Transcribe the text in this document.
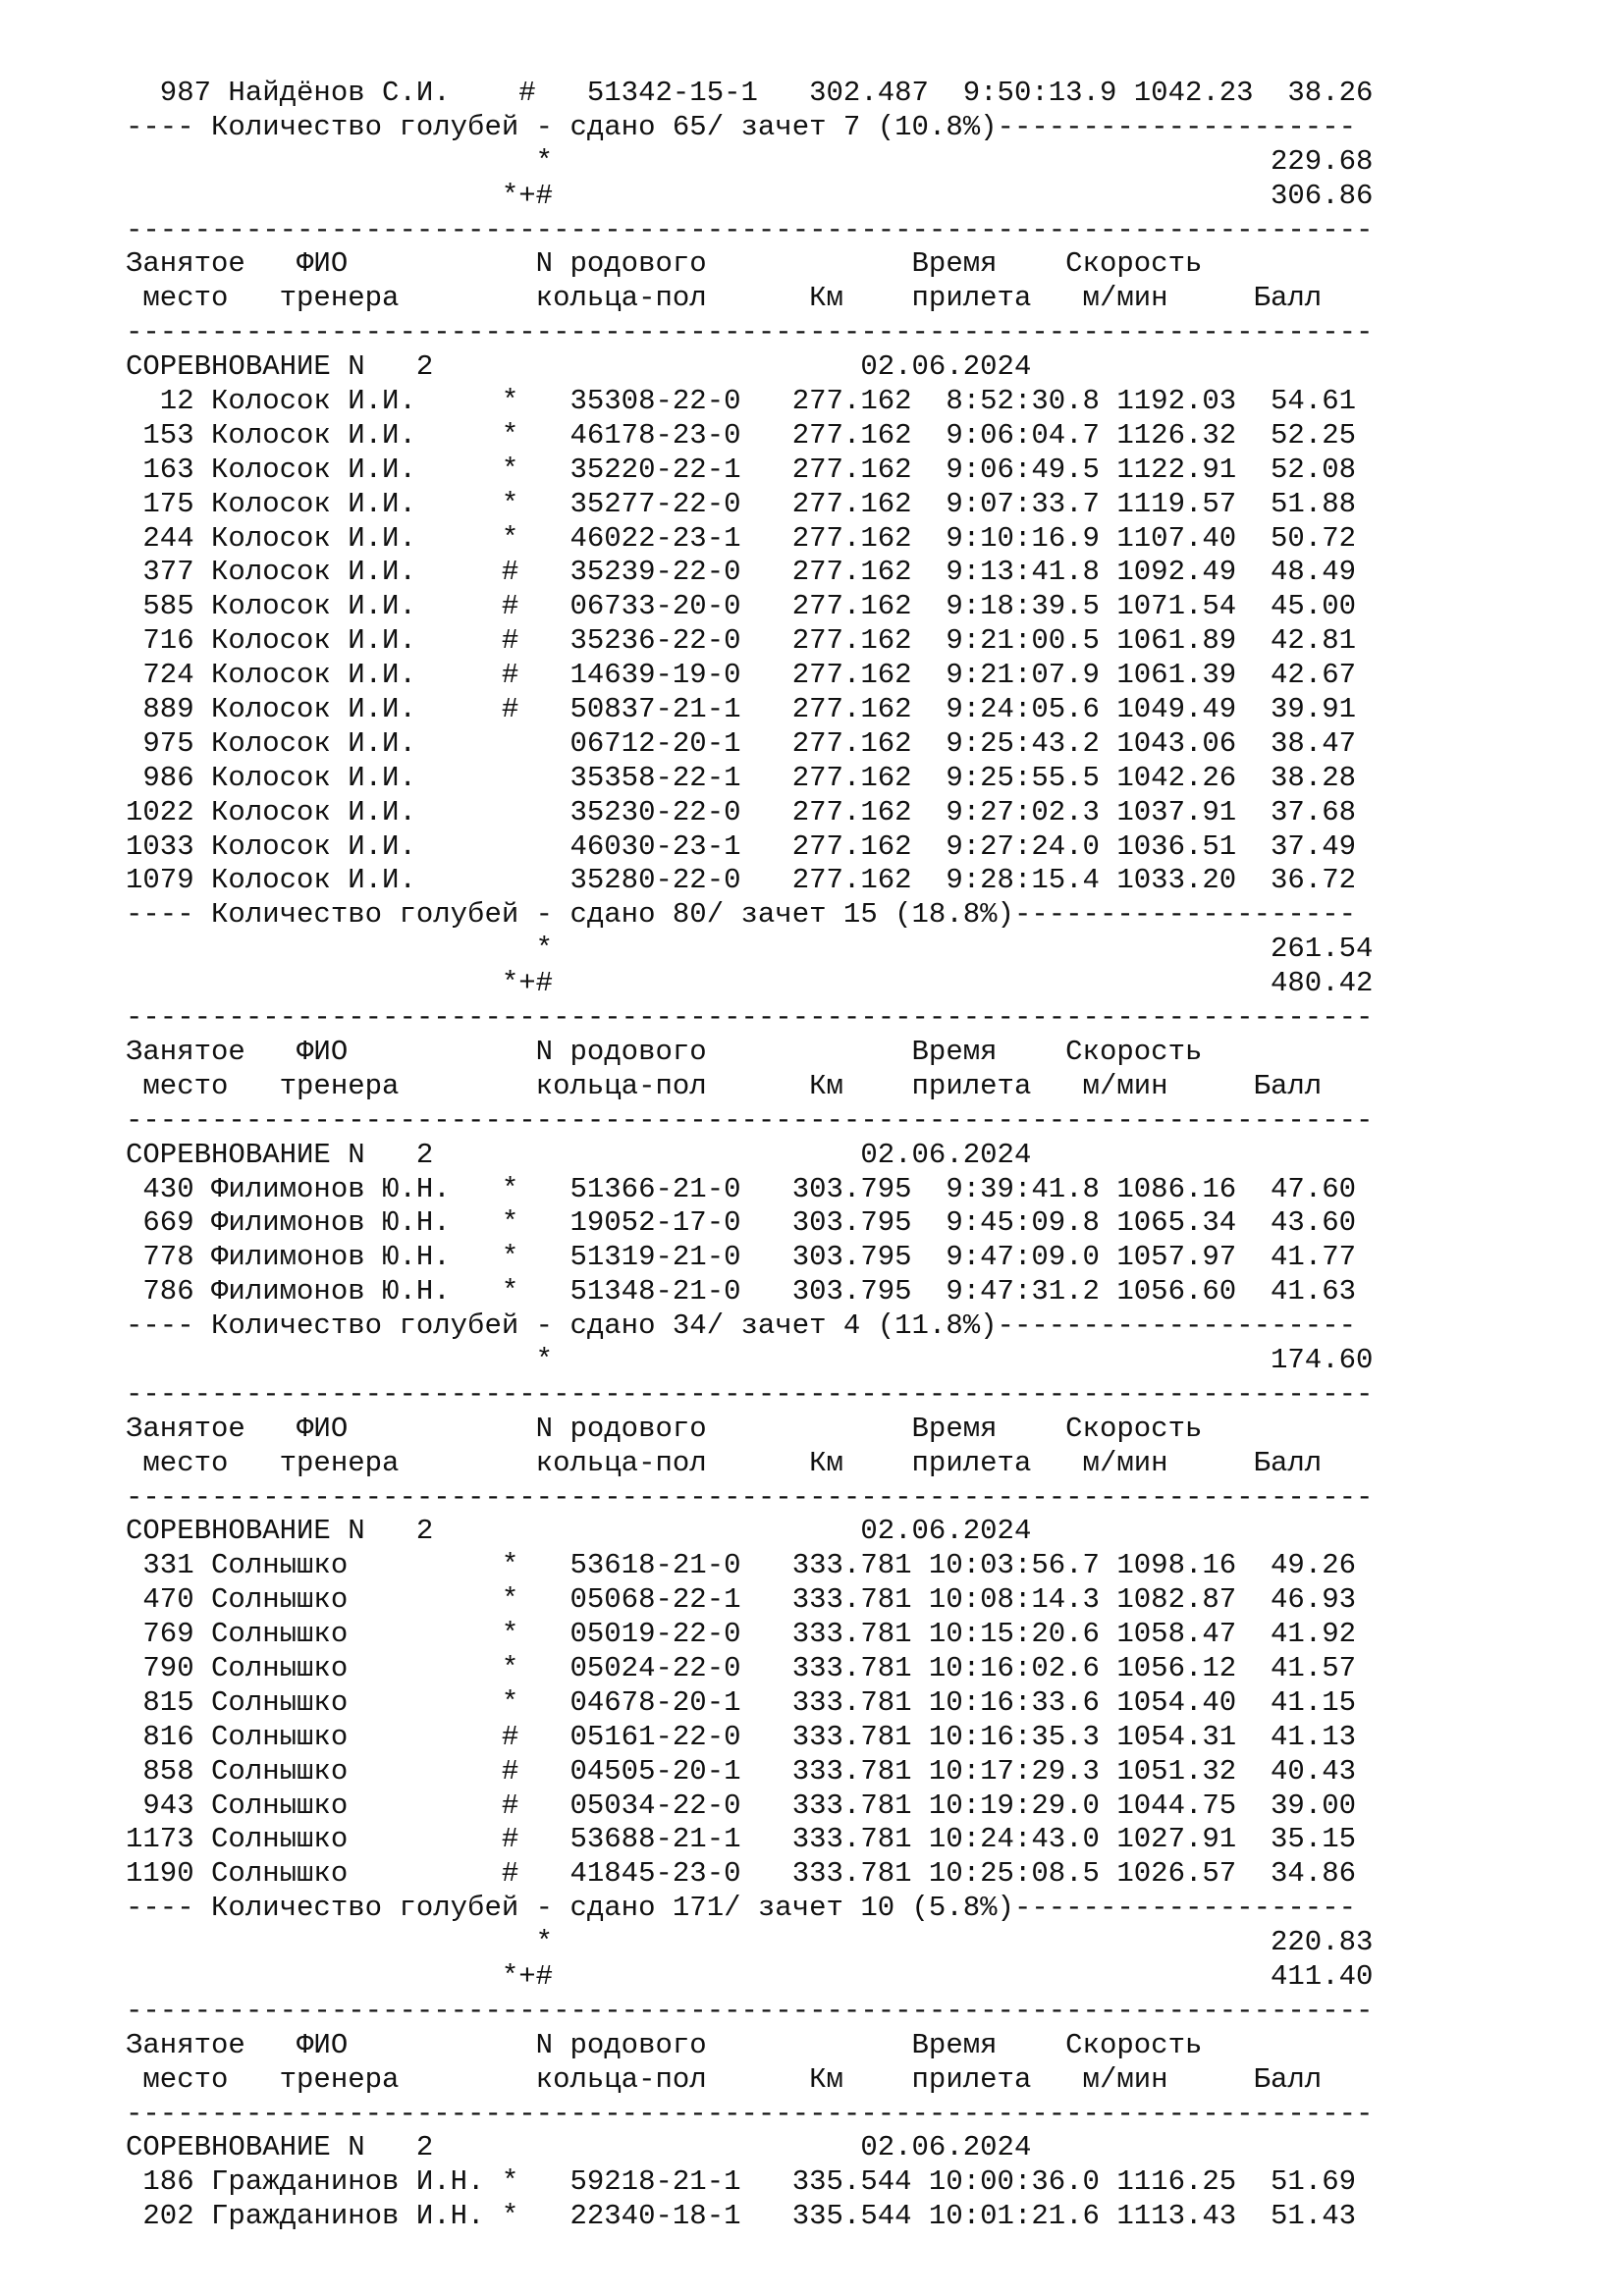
987 Найдёнов С.И.    #   51342-15-1   302.487  9:50:13.9 1042.23  38.26
---- Количество голубей - сдано 65/ зачет 7 (10.8%)---------------------
*                                          229.68
*+#                                          306.86
-------------------------------------------------------------------------
Занятое   ФИО           N родового            Время    Скорость
место   тренера        кольца-пол      Км    прилета   м/мин     Балл
-------------------------------------------------------------------------
СОРЕВНОВАНИЕ N   2                         02.06.2024
12 Колосок И.И.     *   35308-22-0   277.162  8:52:30.8 1192.03  54.61
153 Колосок И.И.     *   46178-23-0   277.162  9:06:04.7 1126.32  52.25
163 Колосок И.И.     *   35220-22-1   277.162  9:06:49.5 1122.91  52.08
175 Колосок И.И.     *   35277-22-0   277.162  9:07:33.7 1119.57  51.88
244 Колосок И.И.     *   46022-23-1   277.162  9:10:16.9 1107.40  50.72
377 Колосок И.И.     #   35239-22-0   277.162  9:13:41.8 1092.49  48.49
585 Колосок И.И.     #   06733-20-0   277.162  9:18:39.5 1071.54  45.00
716 Колосок И.И.     #   35236-22-0   277.162  9:21:00.5 1061.89  42.81
724 Колосок И.И.     #   14639-19-0   277.162  9:21:07.9 1061.39  42.67
889 Колосок И.И.     #   50837-21-1   277.162  9:24:05.6 1049.49  39.91
975 Колосок И.И.         06712-20-1   277.162  9:25:43.2 1043.06  38.47
986 Колосок И.И.         35358-22-1   277.162  9:25:55.5 1042.26  38.28
1022 Колосок И.И.         35230-22-0   277.162  9:27:02.3 1037.91  37.68
1033 Колосок И.И.         46030-23-1   277.162  9:27:24.0 1036.51  37.49
1079 Колосок И.И.         35280-22-0   277.162  9:28:15.4 1033.20  36.72
---- Количество голубей - сдано 80/ зачет 15 (18.8%)--------------------
*                                          261.54
*+#                                          480.42
-------------------------------------------------------------------------
Занятое   ФИО           N родового            Время    Скорость
место   тренера        кольца-пол      Км    прилета   м/мин     Балл
-------------------------------------------------------------------------
СОРЕВНОВАНИЕ N   2                         02.06.2024
430 Филимонов Ю.Н.   *   51366-21-0   303.795  9:39:41.8 1086.16  47.60
669 Филимонов Ю.Н.   *   19052-17-0   303.795  9:45:09.8 1065.34  43.60
778 Филимонов Ю.Н.   *   51319-21-0   303.795  9:47:09.0 1057.97  41.77
786 Филимонов Ю.Н.   *   51348-21-0   303.795  9:47:31.2 1056.60  41.63
---- Количество голубей - сдано 34/ зачет 4 (11.8%)---------------------
*                                          174.60
-------------------------------------------------------------------------
Занятое   ФИО           N родового            Время    Скорость
место   тренера        кольца-пол      Км    прилета   м/мин     Балл
-------------------------------------------------------------------------
СОРЕВНОВАНИЕ N   2                         02.06.2024
331 Солнышко         *   53618-21-0   333.781 10:03:56.7 1098.16  49.26
470 Солнышко         *   05068-22-1   333.781 10:08:14.3 1082.87  46.93
769 Солнышко         *   05019-22-0   333.781 10:15:20.6 1058.47  41.92
790 Солнышко         *   05024-22-0   333.781 10:16:02.6 1056.12  41.57
815 Солнышко         *   04678-20-1   333.781 10:16:33.6 1054.40  41.15
816 Солнышко         #   05161-22-0   333.781 10:16:35.3 1054.31  41.13
858 Солнышко         #   04505-20-1   333.781 10:17:29.3 1051.32  40.43
943 Солнышко         #   05034-22-0   333.781 10:19:29.0 1044.75  39.00
1173 Солнышко         #   53688-21-1   333.781 10:24:43.0 1027.91  35.15
1190 Солнышко         #   41845-23-0   333.781 10:25:08.5 1026.57  34.86
---- Количество голубей - сдано 171/ зачет 10 (5.8%)--------------------
*                                          220.83
*+#                                          411.40
-------------------------------------------------------------------------
Занятое   ФИО           N родового            Время    Скорость
место   тренера        кольца-пол      Км    прилета   м/мин     Балл
-------------------------------------------------------------------------
СОРЕВНОВАНИЕ N   2                         02.06.2024
186 Гражданинов И.Н. *   59218-21-1   335.544 10:00:36.0 1116.25  51.69
202 Гражданинов И.Н. *   22340-18-1   335.544 10:01:21.6 1113.43  51.43
